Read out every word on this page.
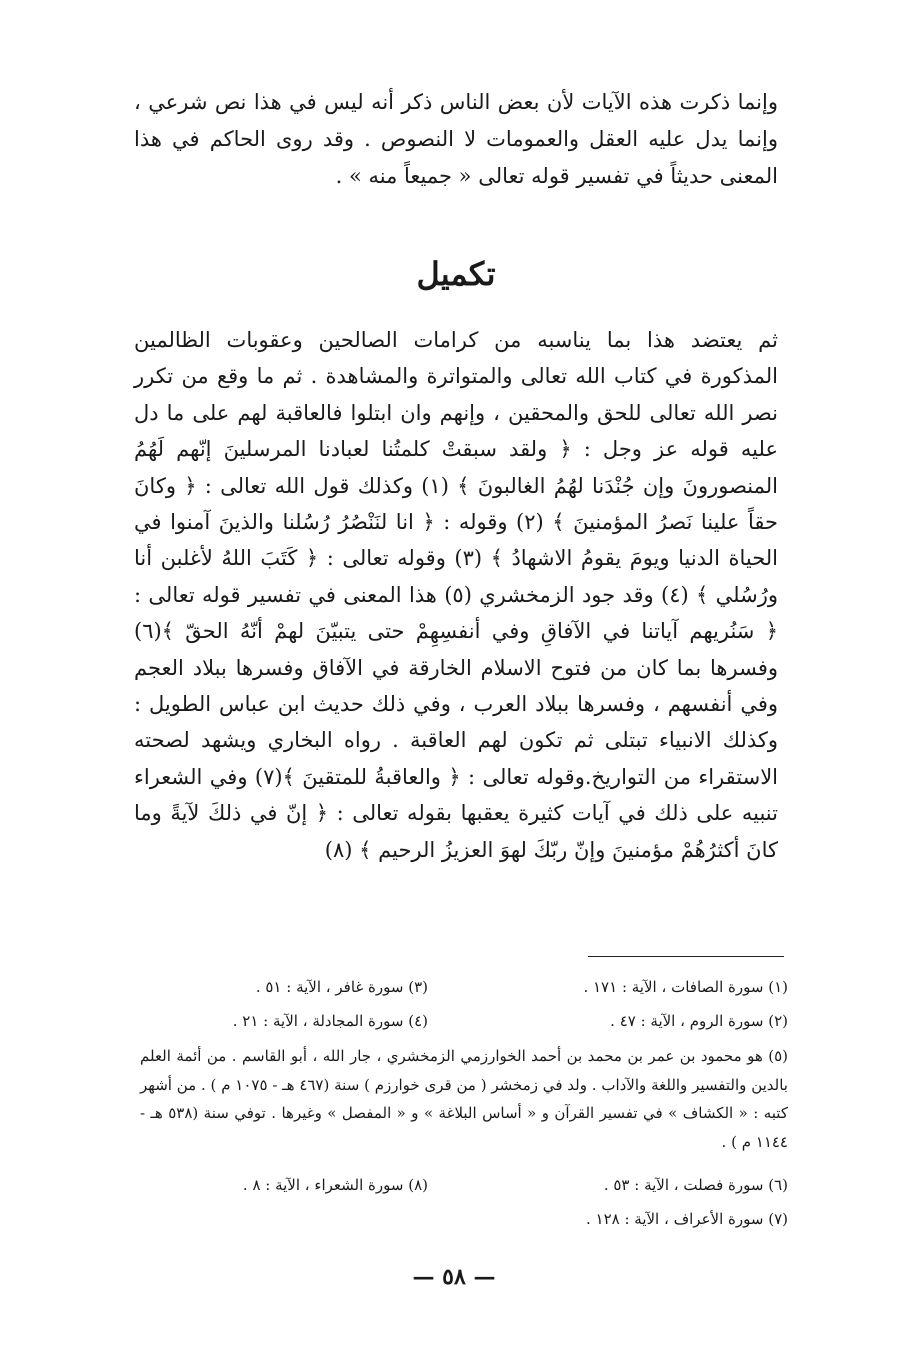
وإنما ذكرت هذه الآيات لأن بعض الناس ذكر أنه ليس في هذا نص شرعي ، وإنما يدل عليه العقل والعمومات لا النصوص . وقد روى الحاكم في هذا المعنى حديثاً في تفسير قوله تعالى « جميعاً منه » .

تكميل

ثم يعتضد هذا بما يناسبه من كرامات الصالحين وعقوبات الظالمين المذكورة في كتاب الله تعالى والمتواترة والمشاهدة . ثم ما وقع من تكرر نصر الله تعالى للحق والمحقين ، وإنهم وان ابتلوا فالعاقبة لهم على ما دل عليه قوله عز وجل : ﴿ ولقد سبقتْ كلمتُنا لعبادنا المرسلينَ إنّهم لَهُمُ المنصورونَ وإن جُنْدَنا لهُمُ الغالبونَ ﴾ (١) وكذلك قول الله تعالى : ﴿ وكانَ حقاً علينا نَصرُ المؤمنينَ ﴾ (٢) وقوله : ﴿ انا لنَنْصُرُ رُسُلنا والذينَ آمنوا في الحياة الدنيا ويومَ يقومُ الاشهادُ ﴾ (٣) وقوله تعالى : ﴿ كَتَبَ اللهُ لأغلبن أنا ورُسُلي ﴾ (٤) وقد جود الزمخشري (٥) هذا المعنى في تفسير قوله تعالى : ﴿ سَنُريهم آياتنا في الآفاقِ وفي أنفسِهِمْ حتى يتبيّنَ لهمْ أنّهُ الحقّ ﴾(٦) وفسرها بما كان من فتوح الاسلام الخارقة في الآفاق وفسرها ببلاد العجم وفي أنفسهم ، وفسرها ببلاد العرب ، وفي ذلك حديث ابن عباس الطويل : وكذلك الانبياء تبتلى ثم تكون لهم العاقبة . رواه البخاري ويشهد لصحته الاستقراء من التواريخ.وقوله تعالى : ﴿ والعاقبةُ للمتقينَ ﴾(٧) وفي الشعراء تنبيه على ذلك في آيات كثيرة يعقبها بقوله تعالى : ﴿ إنّ في ذلكَ لآيةً وما كانَ أكثرُهُمْ مؤمنينَ وإنّ ربّكَ لهوَ العزيزُ الرحيم ﴾ (٨)

(١) سورة الصافات ، الآية : ١٧١ .
(٣) سورة غافر ، الآية : ٥١ .
(٢) سورة الروم ، الآية : ٤٧ .
(٤) سورة المجادلة ، الآية : ٢١ .

(٥) هو محمود بن عمر بن محمد بن أحمد الخوارزمي الزمخشري ، جار الله ، أبو القاسم . من أئمة العلم بالدين والتفسير واللغة والآداب . ولد في زمخشر ( من قرى خوارزم ) سنة (٤٦٧ هـ - ١٠٧٥ م ) . من أشهر كتبه : « الكشاف » في تفسير القرآن و « أساس البلاغة » و « المفصل » وغيرها . توفي سنة (٥٣٨ هـ - ١١٤٤ م ) .

(٦) سورة فصلت ، الآية : ٥٣ .
(٨) سورة الشعراء ، الآية : ٨ .

(٧) سورة الأعراف ، الآية : ١٢٨ .

— ٥٨ —
